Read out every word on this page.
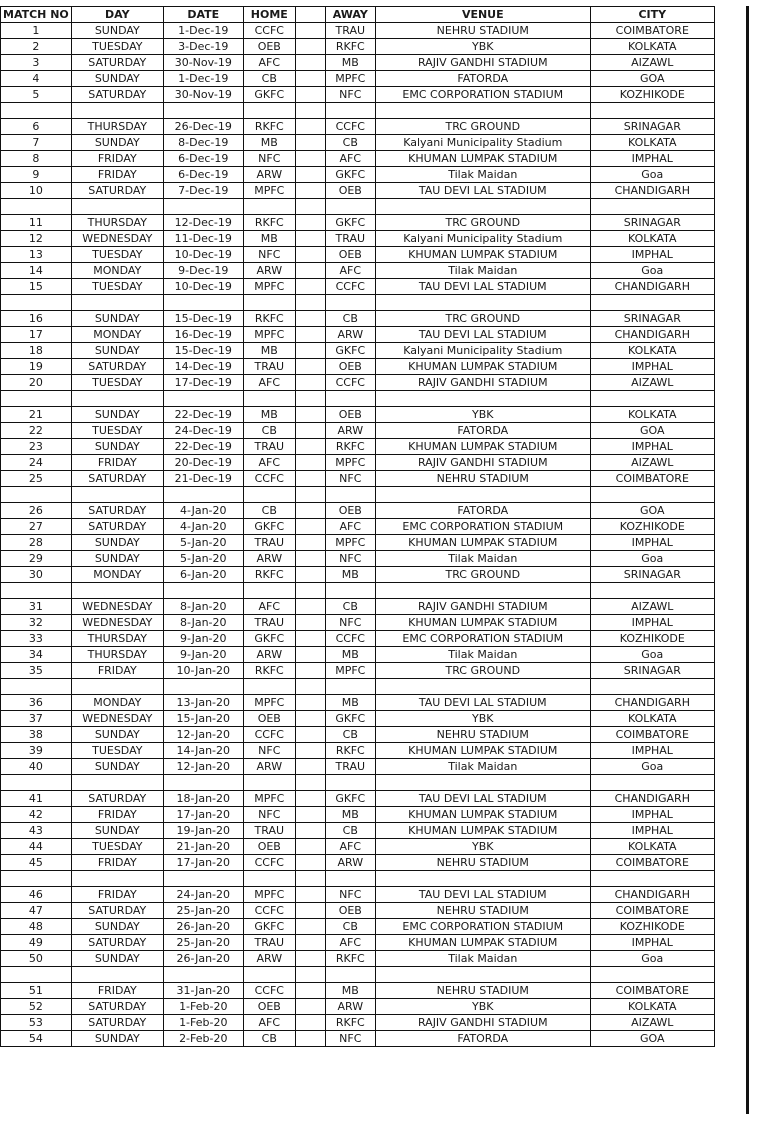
MATCH NO	DAY	DATE	HOME		AWAY	VENUE	CITY
1	SUNDAY	1-Dec-19	CCFC		TRAU	NEHRU STADIUM	COIMBATORE
2	TUESDAY	3-Dec-19	OEB		RKFC	YBK	KOLKATA
3	SATURDAY	30-Nov-19	AFC		MB	RAJIV GANDHI STADIUM	AIZAWL
4	SUNDAY	1-Dec-19	CB		MPFC	FATORDA	GOA
5	SATURDAY	30-Nov-19	GKFC		NFC	EMC CORPORATION STADIUM	KOZHIKODE

6	THURSDAY	26-Dec-19	RKFC		CCFC	TRC GROUND	SRINAGAR
7	SUNDAY	8-Dec-19	MB		CB	Kalyani Municipality Stadium	KOLKATA
8	FRIDAY	6-Dec-19	NFC		AFC	KHUMAN LUMPAK STADIUM	IMPHAL
9	FRIDAY	6-Dec-19	ARW		GKFC	Tilak Maidan	Goa
10	SATURDAY	7-Dec-19	MPFC		OEB	TAU DEVI LAL STADIUM	CHANDIGARH

11	THURSDAY	12-Dec-19	RKFC		GKFC	TRC GROUND	SRINAGAR
12	WEDNESDAY	11-Dec-19	MB		TRAU	Kalyani Municipality Stadium	KOLKATA
13	TUESDAY	10-Dec-19	NFC		OEB	KHUMAN LUMPAK STADIUM	IMPHAL
14	MONDAY	9-Dec-19	ARW		AFC	Tilak Maidan	Goa
15	TUESDAY	10-Dec-19	MPFC		CCFC	TAU DEVI LAL STADIUM	CHANDIGARH

16	SUNDAY	15-Dec-19	RKFC		CB	TRC GROUND	SRINAGAR
17	MONDAY	16-Dec-19	MPFC		ARW	TAU DEVI LAL STADIUM	CHANDIGARH
18	SUNDAY	15-Dec-19	MB		GKFC	Kalyani Municipality Stadium	KOLKATA
19	SATURDAY	14-Dec-19	TRAU		OEB	KHUMAN LUMPAK STADIUM	IMPHAL
20	TUESDAY	17-Dec-19	AFC		CCFC	RAJIV GANDHI STADIUM	AIZAWL

21	SUNDAY	22-Dec-19	MB		OEB	YBK	KOLKATA
22	TUESDAY	24-Dec-19	CB		ARW	FATORDA	GOA
23	SUNDAY	22-Dec-19	TRAU		RKFC	KHUMAN LUMPAK STADIUM	IMPHAL
24	FRIDAY	20-Dec-19	AFC		MPFC	RAJIV GANDHI STADIUM	AIZAWL
25	SATURDAY	21-Dec-19	CCFC		NFC	NEHRU STADIUM	COIMBATORE

26	SATURDAY	4-Jan-20	CB		OEB	FATORDA	GOA
27	SATURDAY	4-Jan-20	GKFC		AFC	EMC CORPORATION STADIUM	KOZHIKODE
28	SUNDAY	5-Jan-20	TRAU		MPFC	KHUMAN LUMPAK STADIUM	IMPHAL
29	SUNDAY	5-Jan-20	ARW		NFC	Tilak Maidan	Goa
30	MONDAY	6-Jan-20	RKFC		MB	TRC GROUND	SRINAGAR

31	WEDNESDAY	8-Jan-20	AFC		CB	RAJIV GANDHI STADIUM	AIZAWL
32	WEDNESDAY	8-Jan-20	TRAU		NFC	KHUMAN LUMPAK STADIUM	IMPHAL
33	THURSDAY	9-Jan-20	GKFC		CCFC	EMC CORPORATION STADIUM	KOZHIKODE
34	THURSDAY	9-Jan-20	ARW		MB	Tilak Maidan	Goa
35	FRIDAY	10-Jan-20	RKFC		MPFC	TRC GROUND	SRINAGAR

36	MONDAY	13-Jan-20	MPFC		MB	TAU DEVI LAL STADIUM	CHANDIGARH
37	WEDNESDAY	15-Jan-20	OEB		GKFC	YBK	KOLKATA
38	SUNDAY	12-Jan-20	CCFC		CB	NEHRU STADIUM	COIMBATORE
39	TUESDAY	14-Jan-20	NFC		RKFC	KHUMAN LUMPAK STADIUM	IMPHAL
40	SUNDAY	12-Jan-20	ARW		TRAU	Tilak Maidan	Goa

41	SATURDAY	18-Jan-20	MPFC		GKFC	TAU DEVI LAL STADIUM	CHANDIGARH
42	FRIDAY	17-Jan-20	NFC		MB	KHUMAN LUMPAK STADIUM	IMPHAL
43	SUNDAY	19-Jan-20	TRAU		CB	KHUMAN LUMPAK STADIUM	IMPHAL
44	TUESDAY	21-Jan-20	OEB		AFC	YBK	KOLKATA
45	FRIDAY	17-Jan-20	CCFC		ARW	NEHRU STADIUM	COIMBATORE

46	FRIDAY	24-Jan-20	MPFC		NFC	TAU DEVI LAL STADIUM	CHANDIGARH
47	SATURDAY	25-Jan-20	CCFC		OEB	NEHRU STADIUM	COIMBATORE
48	SUNDAY	26-Jan-20	GKFC		CB	EMC CORPORATION STADIUM	KOZHIKODE
49	SATURDAY	25-Jan-20	TRAU		AFC	KHUMAN LUMPAK STADIUM	IMPHAL
50	SUNDAY	26-Jan-20	ARW		RKFC	Tilak Maidan	Goa

51	FRIDAY	31-Jan-20	CCFC		MB	NEHRU STADIUM	COIMBATORE
52	SATURDAY	1-Feb-20	OEB		ARW	YBK	KOLKATA
53	SATURDAY	1-Feb-20	AFC		RKFC	RAJIV GANDHI STADIUM	AIZAWL
54	SUNDAY	2-Feb-20	CB		NFC	FATORDA	GOA
